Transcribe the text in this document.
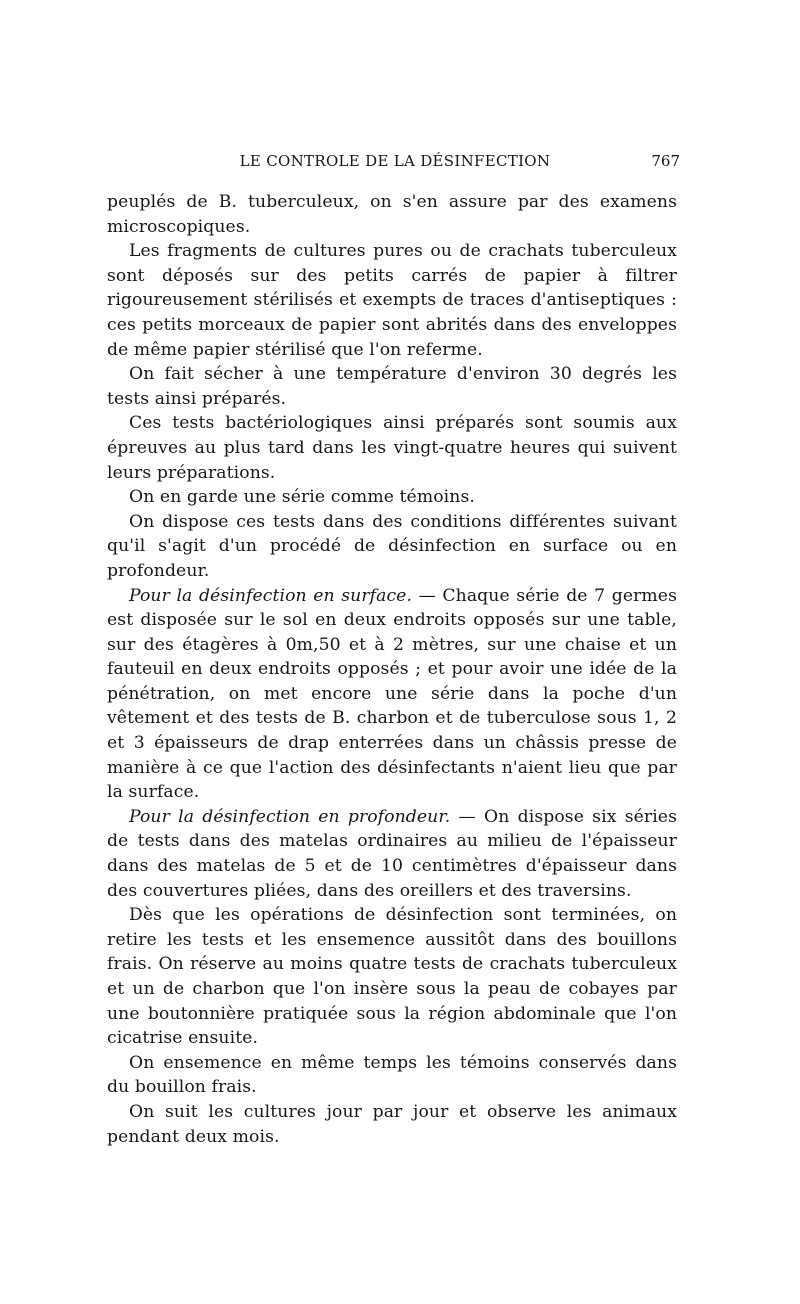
LE CONTROLE DE LA DÉSINFECTION	767

peuplés de B. tuberculeux, on s'en assure par des examens microscopiques.

Les fragments de cultures pures ou de crachats tuberculeux sont déposés sur des petits carrés de papier à filtrer rigoureusement stérilisés et exempts de traces d'antiseptiques : ces petits morceaux de papier sont abrités dans des enveloppes de même papier stérilisé que l'on referme.

On fait sécher à une température d'environ 30 degrés les tests ainsi préparés.

Ces tests bactériologiques ainsi préparés sont soumis aux épreuves au plus tard dans les vingt-quatre heures qui suivent leurs préparations.

On en garde une série comme témoins.

On dispose ces tests dans des conditions différentes suivant qu'il s'agit d'un procédé de désinfection en surface ou en profondeur.

Pour la désinfection en surface. — Chaque série de 7 germes est disposée sur le sol en deux endroits opposés sur une table, sur des étagères à 0m,50 et à 2 mètres, sur une chaise et un fauteuil en deux endroits opposés ; et pour avoir une idée de la pénétration, on met encore une série dans la poche d'un vêtement et des tests de B. charbon et de tuberculose sous 1, 2 et 3 épaisseurs de drap enterrées dans un châssis presse de manière à ce que l'action des désinfectants n'aient lieu que par la surface.

Pour la désinfection en profondeur. — On dispose six séries de tests dans des matelas ordinaires au milieu de l'épaisseur dans des matelas de 5 et de 10 centimètres d'épaisseur dans des couvertures pliées, dans des oreillers et des traversins.

Dès que les opérations de désinfection sont terminées, on retire les tests et les ensemence aussitôt dans des bouillons frais. On réserve au moins quatre tests de crachats tuberculeux et un de charbon que l'on insère sous la peau de cobayes par une boutonnière pratiquée sous la région abdominale que l'on cicatrise ensuite.

On ensemence en même temps les témoins conservés dans du bouillon frais.

On suit les cultures jour par jour et observe les animaux pendant deux mois.
